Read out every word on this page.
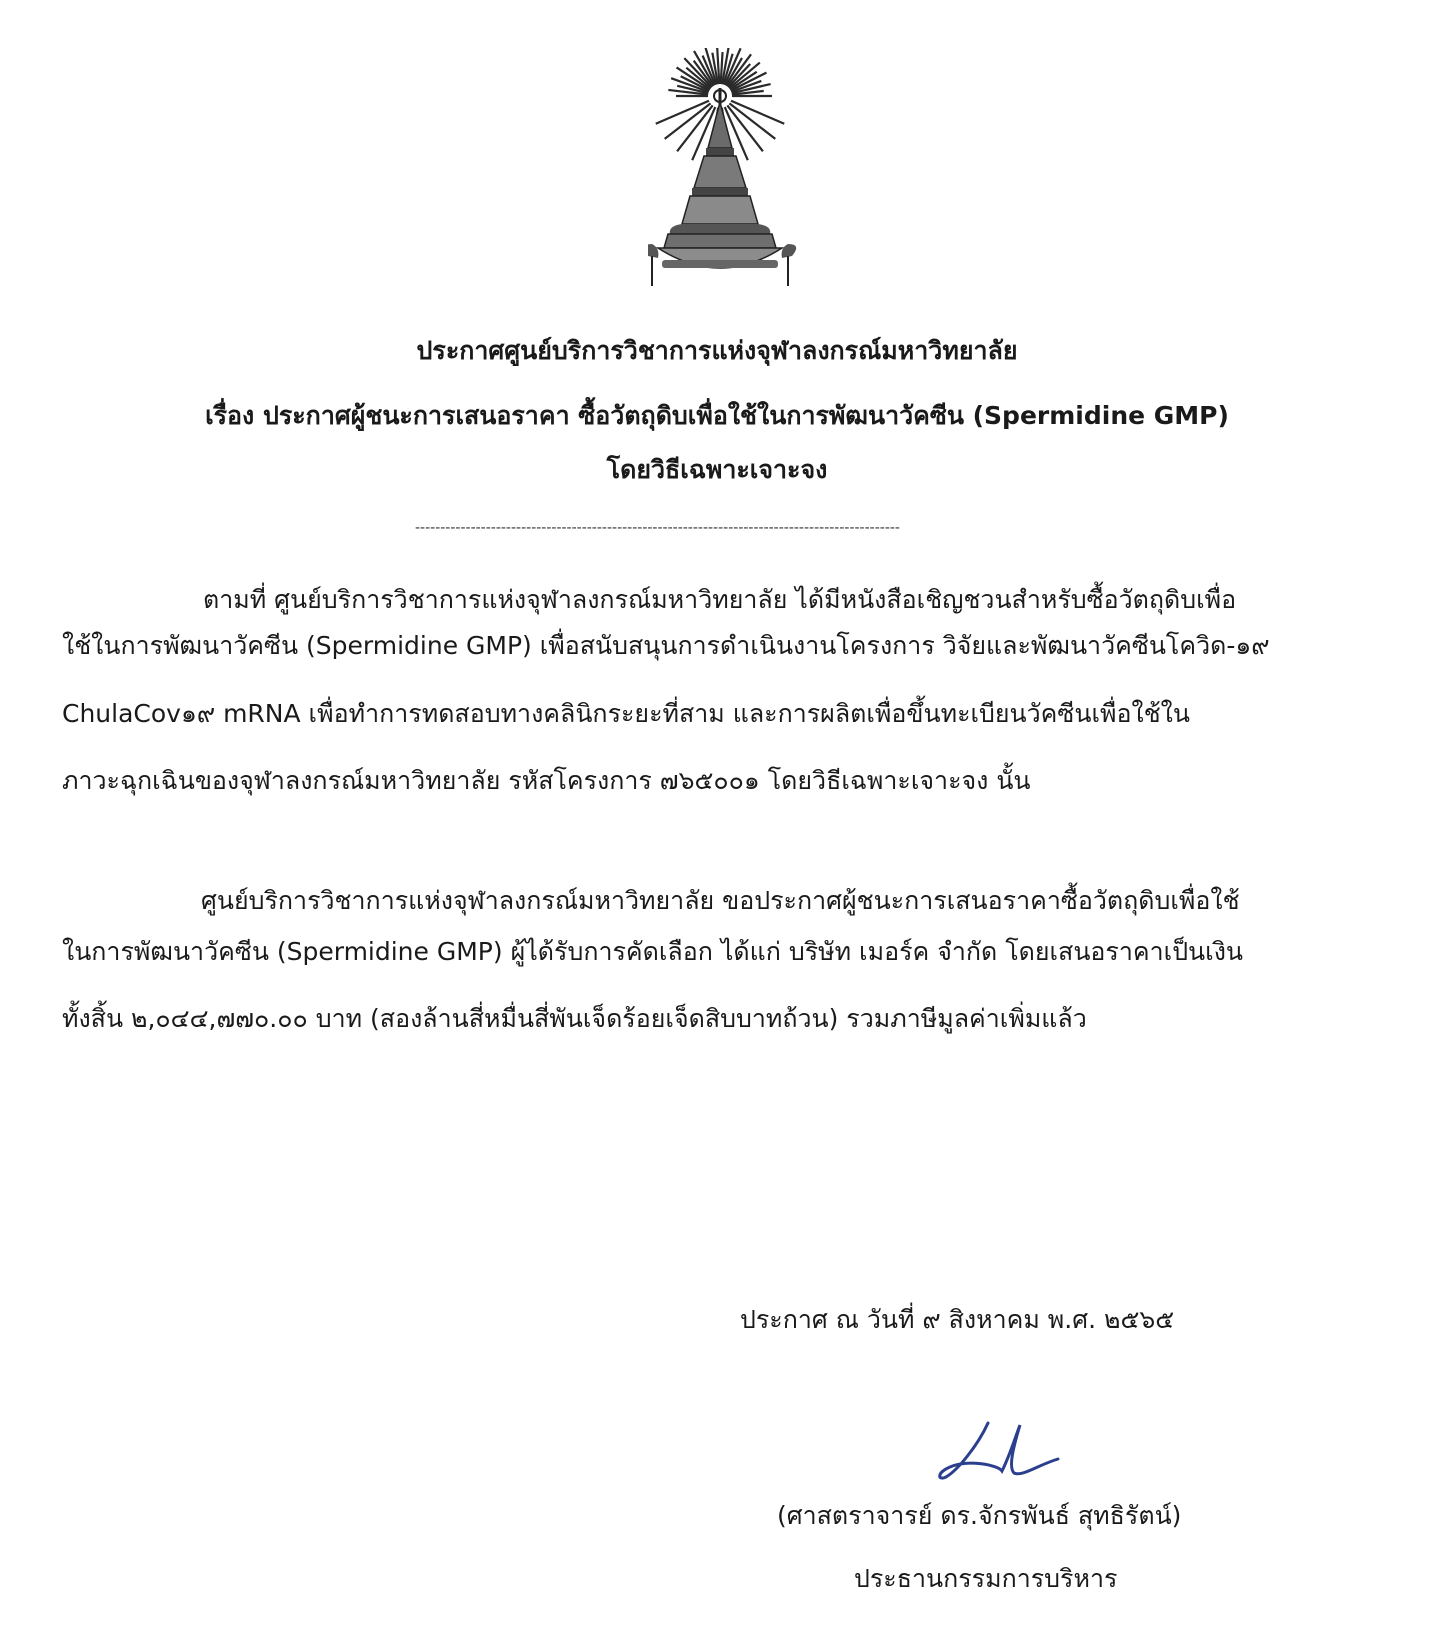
ประกาศศูนย์บริการวิชาการแห่งจุฬาลงกรณ์มหาวิทยาลัย
เรื่อง ประกาศผู้ชนะการเสนอราคา ซื้อวัตถุดิบเพื่อใช้ในการพัฒนาวัคซีน (Spermidine GMP)
โดยวิธีเฉพาะเจาะจง
------------------------------------------------------------------------------------------------
ตามที่ ศูนย์บริการวิชาการแห่งจุฬาลงกรณ์มหาวิทยาลัย ได้มีหนังสือเชิญชวนสำหรับซื้อวัตถุดิบเพื่อ
ใช้ในการพัฒนาวัคซีน (Spermidine GMP) เพื่อสนับสนุนการดำเนินงานโครงการ วิจัยและพัฒนาวัคซีนโควิด-๑๙
ChulaCov๑๙ mRNA เพื่อทำการทดสอบทางคลินิกระยะที่สาม และการผลิตเพื่อขึ้นทะเบียนวัคซีนเพื่อใช้ใน
ภาวะฉุกเฉินของจุฬาลงกรณ์มหาวิทยาลัย รหัสโครงการ ๗๖๕๐๐๑ โดยวิธีเฉพาะเจาะจง นั้น
ศูนย์บริการวิชาการแห่งจุฬาลงกรณ์มหาวิทยาลัย ขอประกาศผู้ชนะการเสนอราคาซื้อวัตถุดิบเพื่อใช้
ในการพัฒนาวัคซีน (Spermidine GMP) ผู้ได้รับการคัดเลือก ได้แก่ บริษัท เมอร์ค จำกัด โดยเสนอราคาเป็นเงิน
ทั้งสิ้น ๒,๐๔๔,๗๗๐.๐๐ บาท (สองล้านสี่หมื่นสี่พันเจ็ดร้อยเจ็ดสิบบาทถ้วน) รวมภาษีมูลค่าเพิ่มแล้ว
ประกาศ ณ วันที่ ๙ สิงหาคม พ.ศ. ๒๕๖๕
(ศาสตราจารย์ ดร.จักรพันธ์ สุทธิรัตน์)
ประธานกรรมการบริหาร
